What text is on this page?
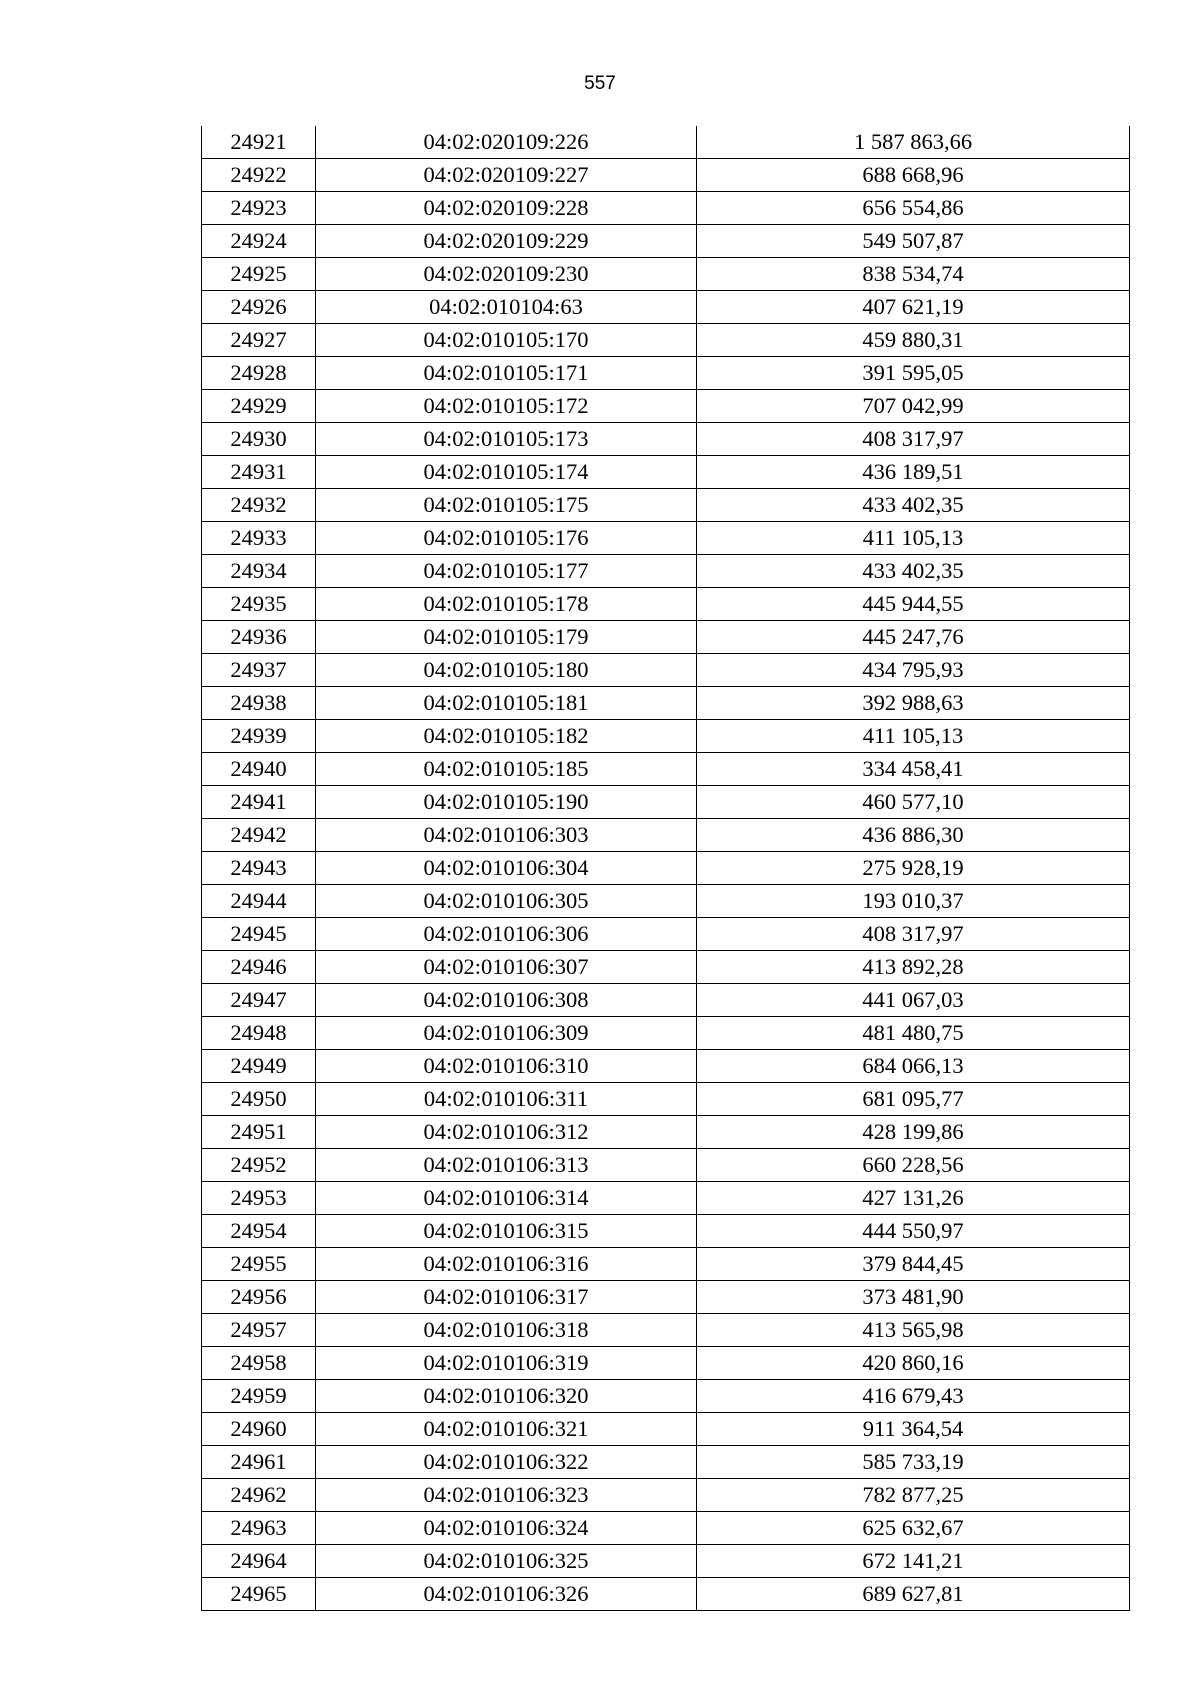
557
24921	04:02:020109:226	1 587 863,66
24922	04:02:020109:227	688 668,96
24923	04:02:020109:228	656 554,86
24924	04:02:020109:229	549 507,87
24925	04:02:020109:230	838 534,74
24926	04:02:010104:63	407 621,19
24927	04:02:010105:170	459 880,31
24928	04:02:010105:171	391 595,05
24929	04:02:010105:172	707 042,99
24930	04:02:010105:173	408 317,97
24931	04:02:010105:174	436 189,51
24932	04:02:010105:175	433 402,35
24933	04:02:010105:176	411 105,13
24934	04:02:010105:177	433 402,35
24935	04:02:010105:178	445 944,55
24936	04:02:010105:179	445 247,76
24937	04:02:010105:180	434 795,93
24938	04:02:010105:181	392 988,63
24939	04:02:010105:182	411 105,13
24940	04:02:010105:185	334 458,41
24941	04:02:010105:190	460 577,10
24942	04:02:010106:303	436 886,30
24943	04:02:010106:304	275 928,19
24944	04:02:010106:305	193 010,37
24945	04:02:010106:306	408 317,97
24946	04:02:010106:307	413 892,28
24947	04:02:010106:308	441 067,03
24948	04:02:010106:309	481 480,75
24949	04:02:010106:310	684 066,13
24950	04:02:010106:311	681 095,77
24951	04:02:010106:312	428 199,86
24952	04:02:010106:313	660 228,56
24953	04:02:010106:314	427 131,26
24954	04:02:010106:315	444 550,97
24955	04:02:010106:316	379 844,45
24956	04:02:010106:317	373 481,90
24957	04:02:010106:318	413 565,98
24958	04:02:010106:319	420 860,16
24959	04:02:010106:320	416 679,43
24960	04:02:010106:321	911 364,54
24961	04:02:010106:322	585 733,19
24962	04:02:010106:323	782 877,25
24963	04:02:010106:324	625 632,67
24964	04:02:010106:325	672 141,21
24965	04:02:010106:326	689 627,81
